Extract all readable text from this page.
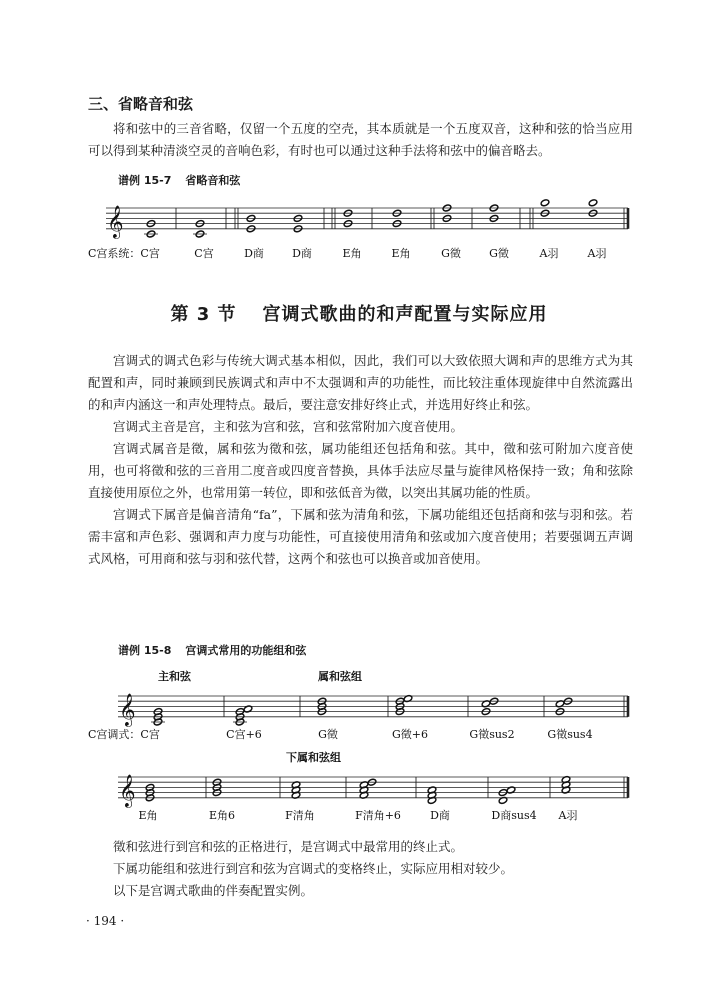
三、省略音和弦

将和弦中的三音省略，仅留一个五度的空壳，其本质就是一个五度双音，这种和弦的恰当应用可以得到某种清淡空灵的音响色彩，有时也可以通过这种手法将和弦中的偏音略去。

谱例 15-7 省略音和弦
第 3 节 宫调式歌曲的和声配置与实际应用

宫调式的调式色彩与传统大调式基本相似，因此，我们可以大致依照大调和声的思维方式为其配置和声，同时兼顾到民族调式和声中不太强调和声的功能性，而比较注重体现旋律中自然流露出的和声内涵这一和声处理特点。最后，要注意安排好终止式，并选用好终止和弦。

宫调式主音是宫，主和弦为宫和弦，宫和弦常附加六度音使用。

宫调式属音是徵，属和弦为徵和弦，属功能组还包括角和弦。其中，徵和弦可附加六度音使用，也可将徵和弦的三音用二度音或四度音替换，具体手法应尽量与旋律风格保持一致；角和弦除直接使用原位之外，也常用第一转位，即和弦低音为徵，以突出其属功能的性质。

宫调式下属音是偏音清角“fa”，下属和弦为清角和弦，下属功能组还包括商和弦与羽和弦。若需丰富和声色彩、强调和声力度与功能性，可直接使用清角和弦或加六度音使用；若要强调五声调式风格，可用商和弦与羽和弦代替，这两个和弦也可以换音或加音使用。

谱例 15-8 宫调式常用的功能组和弦

徵和弦进行到宫和弦的正格进行，是宫调式中最常用的终止式。

下属功能组和弦进行到宫和弦为宫调式的变格终止，实际应用相对较少。

以下是宫调式歌曲的伴奏配置实例。

· 194 ·
𝄞
C宫系统：C宫	C宫	D商	D商	E角	E角	G徵	G徵	A羽	A羽
𝄞
主和弦	属和弦组
C宫调式：C宫	C宫+6	G徵	G徵+6	G徵sus2	G徵sus4
𝄞
下属和弦组
E角	E角6	F清角	F清角+6	D商	D商sus4 A羽
